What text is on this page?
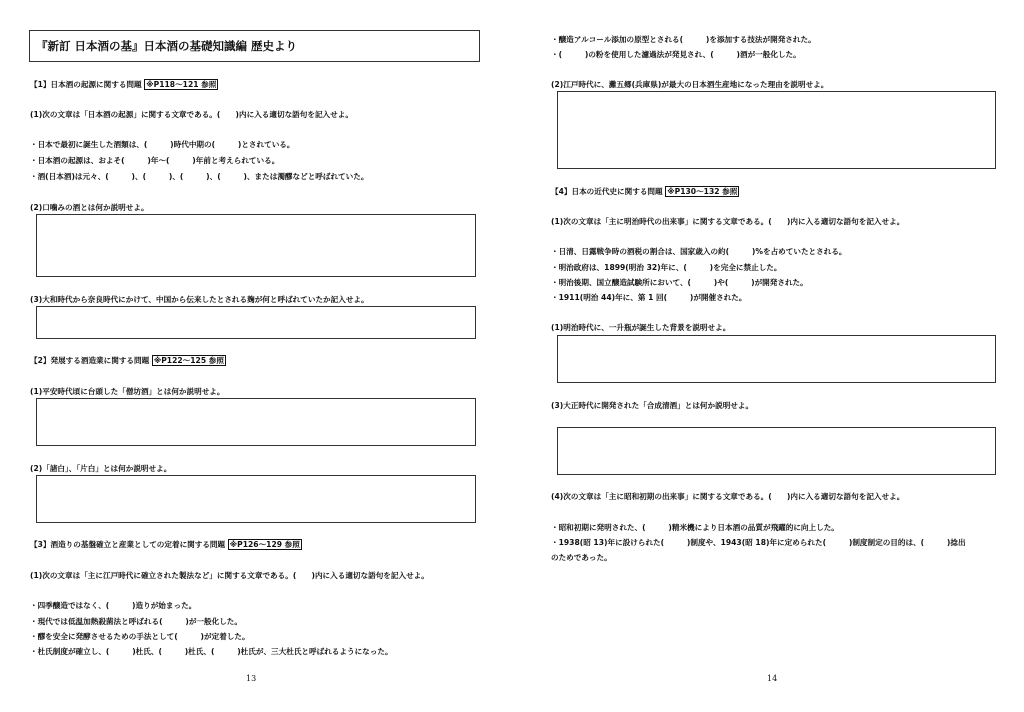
『新訂 日本酒の基』日本酒の基礎知識編 歴史より
【1】日本酒の起源に関する問題 ※P118〜121 参照
(1)次の文章は「日本酒の起源」に関する文章である。(　　)内に入る適切な語句を記入せよ。
・日本で最初に誕生した酒類は、(　　　)時代中期の(　　　)とされている。
・日本酒の起源は、およそ(　　　)年〜(　　　)年前と考えられている。
・酒(日本酒)は元々、(　　　)、(　　　)、(　　　)、(　　　)、または濁醪などと呼ばれていた。
(2)口噛みの酒とは何か説明せよ。
(3)大和時代から奈良時代にかけて、中国から伝来したとされる麹が何と呼ばれていたか記入せよ。
【2】発展する酒造業に関する問題 ※P122〜125 参照
(1)平安時代頃に台頭した「僧坊酒」とは何か説明せよ。
(2)「諸白」、「片白」とは何か説明せよ。
【3】酒造りの基盤確立と産業としての定着に関する問題 ※P126〜129 参照
(1)次の文章は「主に江戸時代に確立された製法など」に関する文章である。(　　)内に入る適切な語句を記入せよ。
・四季醸造ではなく、(　　　)造りが始まった。
・現代では低温加熱殺菌法と呼ばれる(　　　)が一般化した。
・醪を安全に発酵させるための手法として(　　　)が定着した。
・杜氏制度が確立し、(　　　)杜氏、(　　　)杜氏、(　　　)杜氏が、三大杜氏と呼ばれるようになった。
13
・醸造アルコール添加の原型とされる(　　　)を添加する技法が開発された。
・(　　　)の粉を使用した濾過法が発見され、(　　　)酒が一般化した。
(2)江戸時代に、灘五郷(兵庫県)が最大の日本酒生産地になった理由を説明せよ。
【4】日本の近代史に関する問題 ※P130〜132 参照
(1)次の文章は「主に明治時代の出来事」に関する文章である。(　　)内に入る適切な語句を記入せよ。
・日清、日露戦争時の酒税の割合は、国家歳入の約(　　　)%を占めていたとされる。
・明治政府は、1899(明治 32)年に、(　　　)を完全に禁止した。
・明治後期、国立醸造試験所において、(　　　)や(　　　)が開発された。
・1911(明治 44)年に、第 1 回(　　　)が開催された。
(1)明治時代に、一升瓶が誕生した背景を説明せよ。
(3)大正時代に開発された「合成清酒」とは何か説明せよ。
(4)次の文章は「主に昭和初期の出来事」に関する文章である。(　　)内に入る適切な語句を記入せよ。
・昭和初期に発明された、(　　　)精米機により日本酒の品質が飛躍的に向上した。
・1938(昭 13)年に設けられた(　　　)制度や、1943(昭 18)年に定められた(　　　)制度制定の目的は、(　　　)捻出
のためであった。
14
